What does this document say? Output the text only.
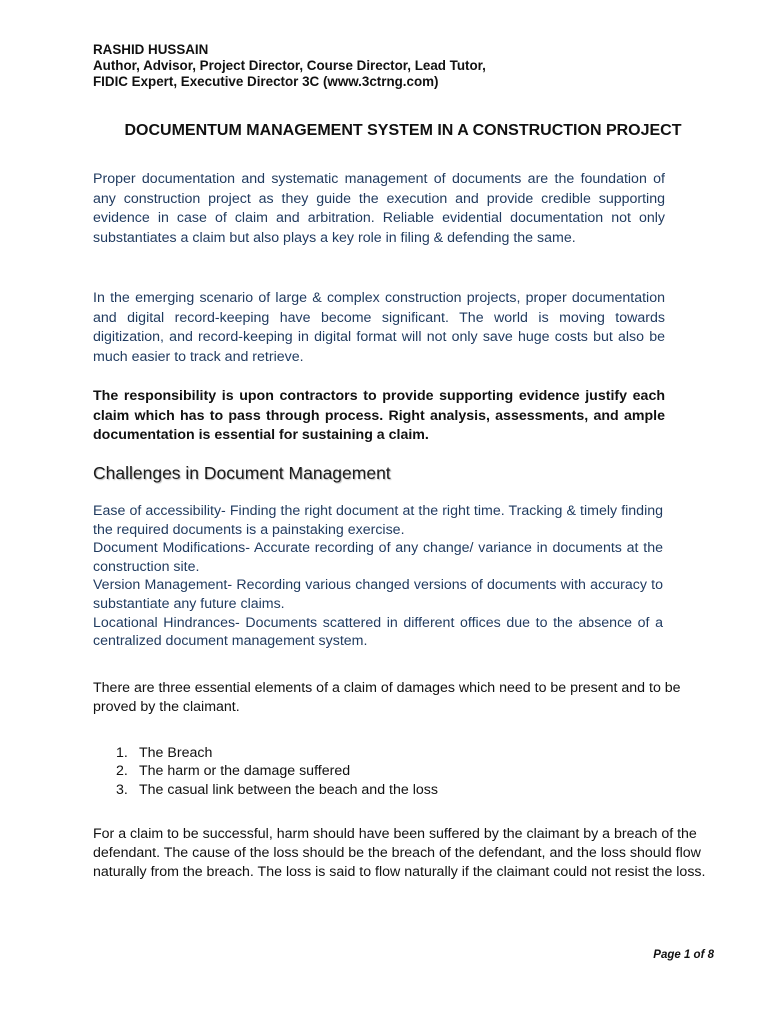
RASHID HUSSAIN
Author, Advisor, Project Director, Course Director, Lead Tutor,
FIDIC Expert, Executive Director 3C (www.3ctrng.com)
DOCUMENTUM MANAGEMENT SYSTEM IN A CONSTRUCTION PROJECT

Proper documentation and systematic management of documents are the foundation of any construction project as they guide the execution and provide credible supporting evidence in case of claim and arbitration. Reliable evidential documentation not only substantiates a claim but also plays a key role in filing & defending the same.

In the emerging scenario of large & complex construction projects, proper documentation and digital record-keeping have become significant. The world is moving towards digitization, and record-keeping in digital format will not only save huge costs but also be much easier to track and retrieve.

The responsibility is upon contractors to provide supporting evidence justify each claim which has to pass through process. Right analysis, assessments, and ample documentation is essential for sustaining a claim.

Challenges in Document Management

Ease of accessibility- Finding the right document at the right time. Tracking & timely finding the required documents is a painstaking exercise.

Document Modifications- Accurate recording of any change/ variance in documents at the construction site.

Version Management- Recording various changed versions of documents with accuracy to substantiate any future claims.

Locational Hindrances- Documents scattered in different offices due to the absence of a centralized document management system.

There are three essential elements of a claim of damages which need to be present and to be proved by the claimant.

1. The Breach
2. The harm or the damage suffered
3. The casual link between the beach and the loss

For a claim to be successful, harm should have been suffered by the claimant by a breach of the defendant. The cause of the loss should be the breach of the defendant, and the loss should flow naturally from the breach. The loss is said to flow naturally if the claimant could not resist the loss.

Page 1 of 8
